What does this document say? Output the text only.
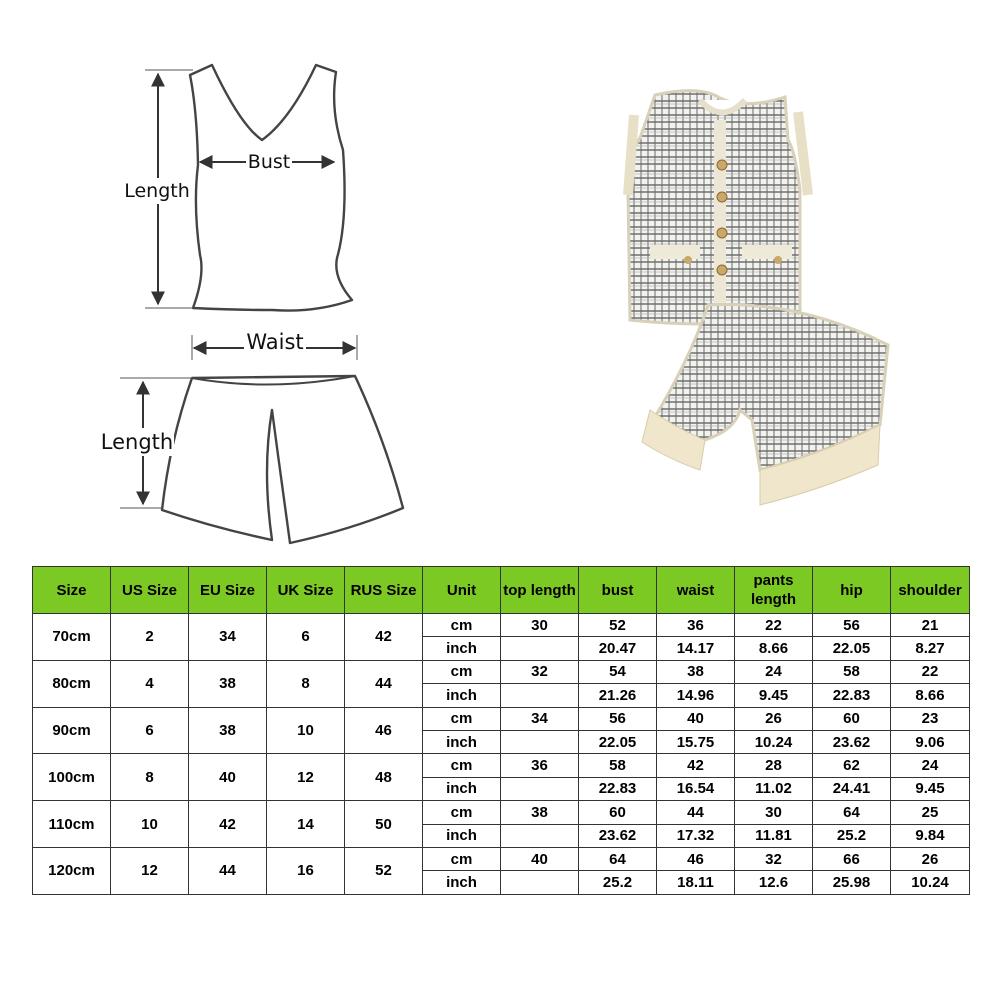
Length
Bust
Waist
Length
Size	US Size	EU Size	UK Size	RUS Size	Unit	top length	bust	waist	pants length	hip	shoulder
70cm	2	34	6	42	cm	30	52	36	22	56	21
					inch		20.47	14.17	8.66	22.05	8.27
80cm	4	38	8	44	cm	32	54	38	24	58	22
					inch		21.26	14.96	9.45	22.83	8.66
90cm	6	38	10	46	cm	34	56	40	26	60	23
					inch		22.05	15.75	10.24	23.62	9.06
100cm	8	40	12	48	cm	36	58	42	28	62	24
					inch		22.83	16.54	11.02	24.41	9.45
110cm	10	42	14	50	cm	38	60	44	30	64	25
					inch		23.62	17.32	11.81	25.2	9.84
120cm	12	44	16	52	cm	40	64	46	32	66	26
					inch		25.2	18.11	12.6	25.98	10.24
